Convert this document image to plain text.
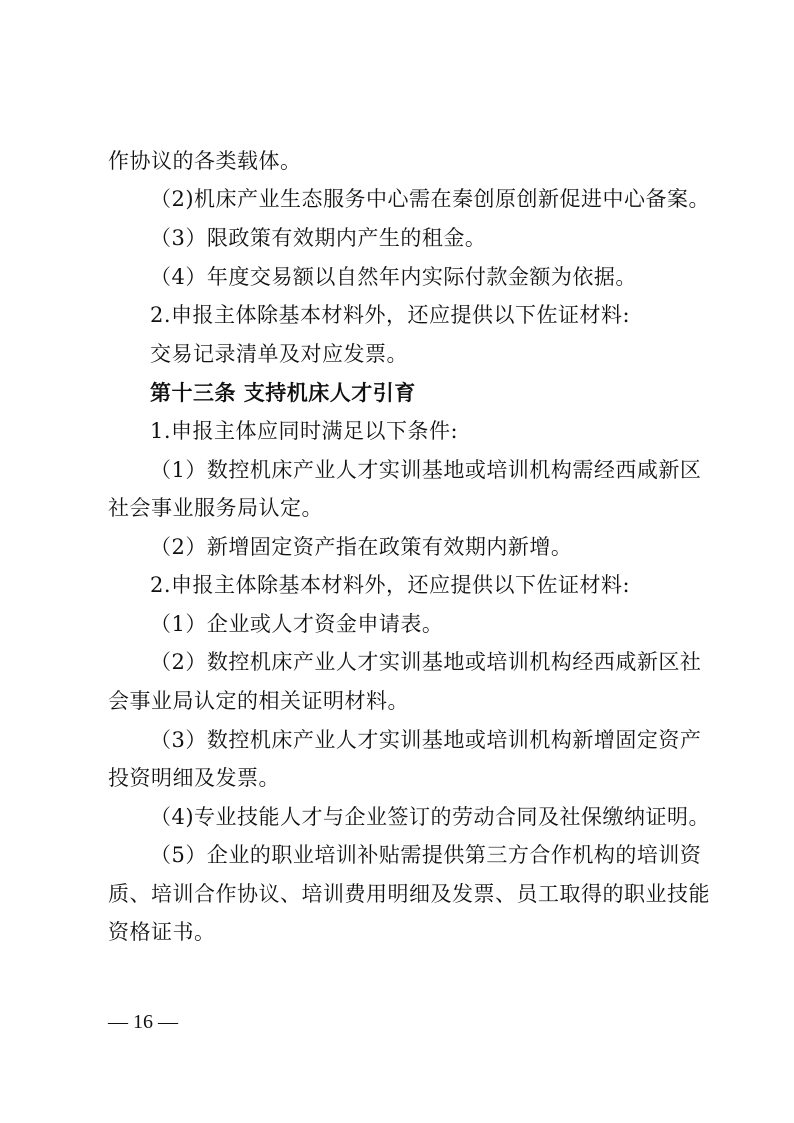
作协议的各类载体。
（2)机床产业生态服务中心需在秦创原创新促进中心备案。
（3）限政策有效期内产生的租金。
（4）年度交易额以自然年内实际付款金额为依据。
2.申报主体除基本材料外，还应提供以下佐证材料:
交易记录清单及对应发票。
第十三条 支持机床人才引育
1.申报主体应同时满足以下条件:
（1）数控机床产业人才实训基地或培训机构需经西咸新区
社会事业服务局认定。
（2）新增固定资产指在政策有效期内新增。
2.申报主体除基本材料外，还应提供以下佐证材料:
（1）企业或人才资金申请表。
（2）数控机床产业人才实训基地或培训机构经西咸新区社
会事业局认定的相关证明材料。
（3）数控机床产业人才实训基地或培训机构新增固定资产
投资明细及发票。
（4)专业技能人才与企业签订的劳动合同及社保缴纳证明。
（5）企业的职业培训补贴需提供第三方合作机构的培训资
质、培训合作协议、培训费用明细及发票、员工取得的职业技能
资格证书。
— 16 —
